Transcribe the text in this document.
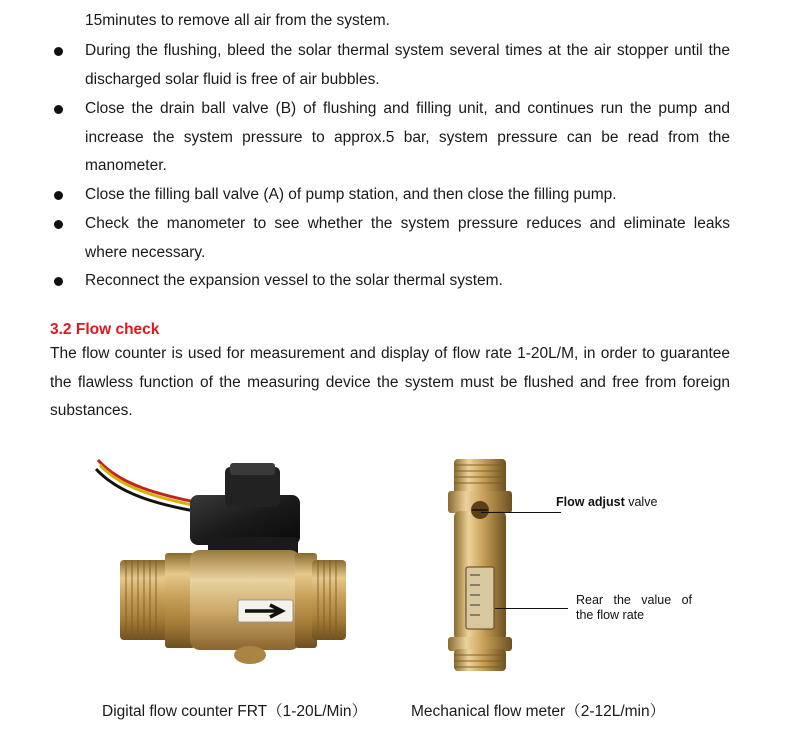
15minutes to remove all air from the system.
During the flushing, bleed the solar thermal system several times at the air stopper until the discharged solar fluid is free of air bubbles.
Close the drain ball valve (B) of flushing and filling unit, and continues run the pump and increase the system pressure to approx.5 bar, system pressure can be read from the manometer.
Close the filling ball valve (A) of pump station, and then close the filling pump.
Check the manometer to see whether the system pressure reduces and eliminate leaks where necessary.
Reconnect the expansion vessel to the solar thermal system.
3.2 Flow check
The flow counter is used for measurement and display of flow rate 1-20L/M, in order to guarantee the flawless function of the measuring device the system must be flushed and free from foreign substances.
Flow adjust valve
Rear the value of the flow rate
Digital flow counter FRT（1-20L/Min）	Mechanical flow meter（2-12L/min）
